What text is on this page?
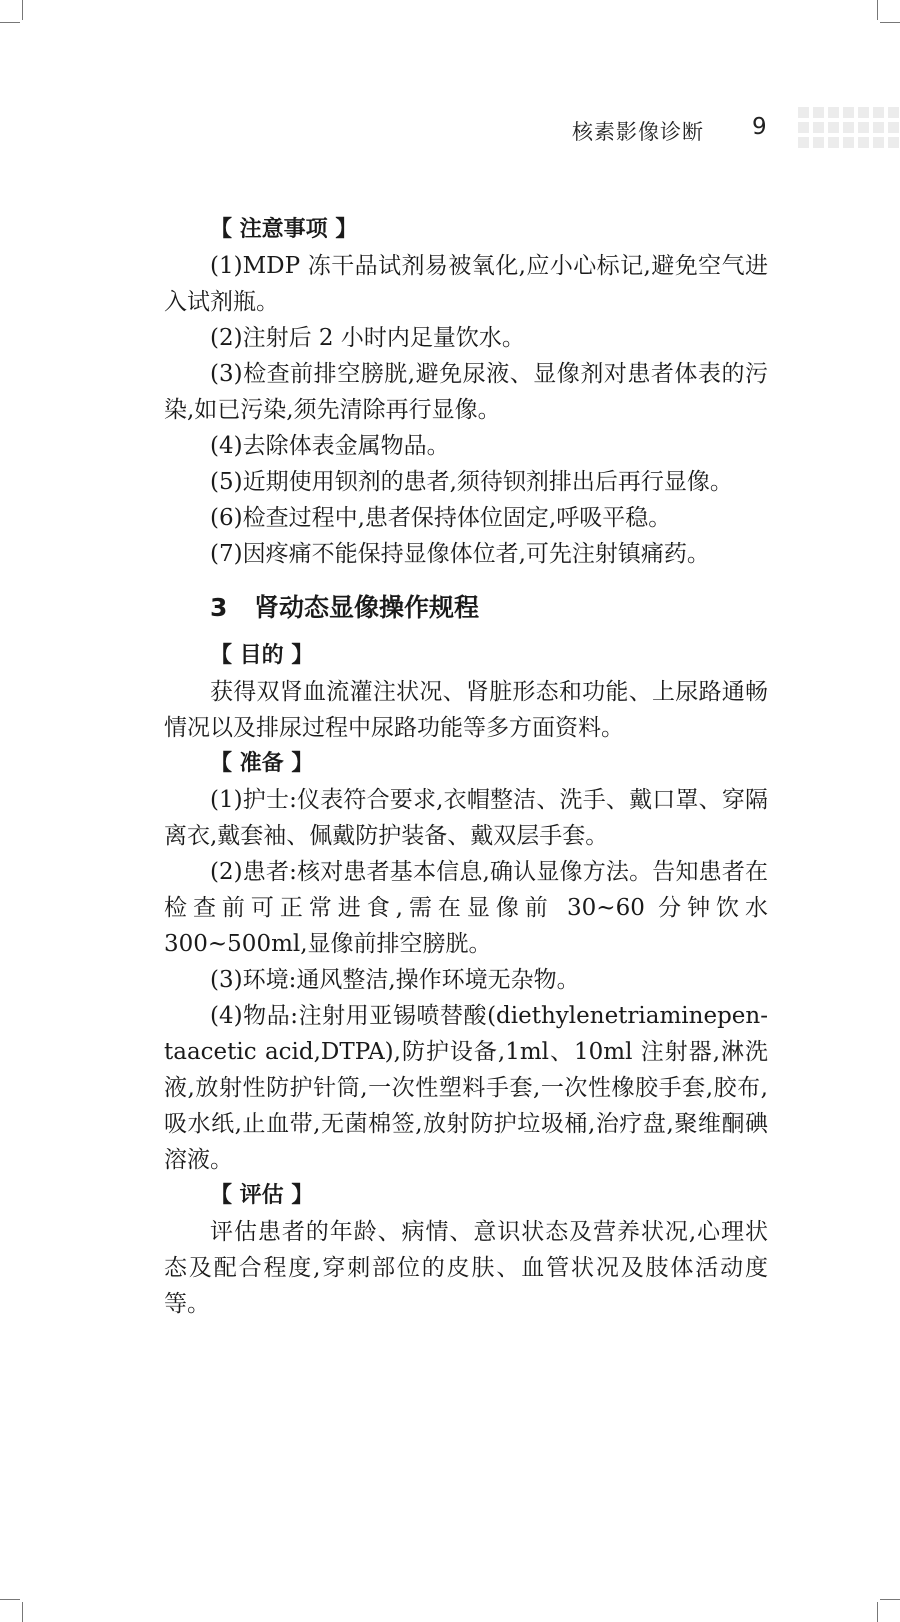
核素影像诊断 9

【 注意事项 】

(1)MDP 冻干品试剂易被氧化,应小心标记,避免空气进入试剂瓶。

(2)注射后 2 小时内足量饮水。

(3)检查前排空膀胱,避免尿液、显像剂对患者体表的污染,如已污染,须先清除再行显像。

(4)去除体表金属物品。

(5)近期使用钡剂的患者,须待钡剂排出后再行显像。

(6)检查过程中,患者保持体位固定,呼吸平稳。

(7)因疼痛不能保持显像体位者,可先注射镇痛药。

3 肾动态显像操作规程

【 目的 】

获得双肾血流灌注状况、肾脏形态和功能、上尿路通畅情况以及排尿过程中尿路功能等多方面资料。

【 准备 】

(1)护士:仪表符合要求,衣帽整洁、洗手、戴口罩、穿隔离衣,戴套袖、佩戴防护装备、戴双层手套。

(2)患者:核对患者基本信息,确认显像方法。告知患者在检查前可正常进食,需在显像前 30~60 分钟饮水 300~500ml,显像前排空膀胱。

(3)环境:通风整洁,操作环境无杂物。

(4)物品:注射用亚锡喷替酸(diethylenetriaminepen-taacetic acid,DTPA),防护设备,1ml、10ml 注射器,淋洗液,放射性防护针筒,一次性塑料手套,一次性橡胶手套,胶布,吸水纸,止血带,无菌棉签,放射防护垃圾桶,治疗盘,聚维酮碘溶液。

【 评估 】

评估患者的年龄、病情、意识状态及营养状况,心理状态及配合程度,穿刺部位的皮肤、血管状况及肢体活动度等。
